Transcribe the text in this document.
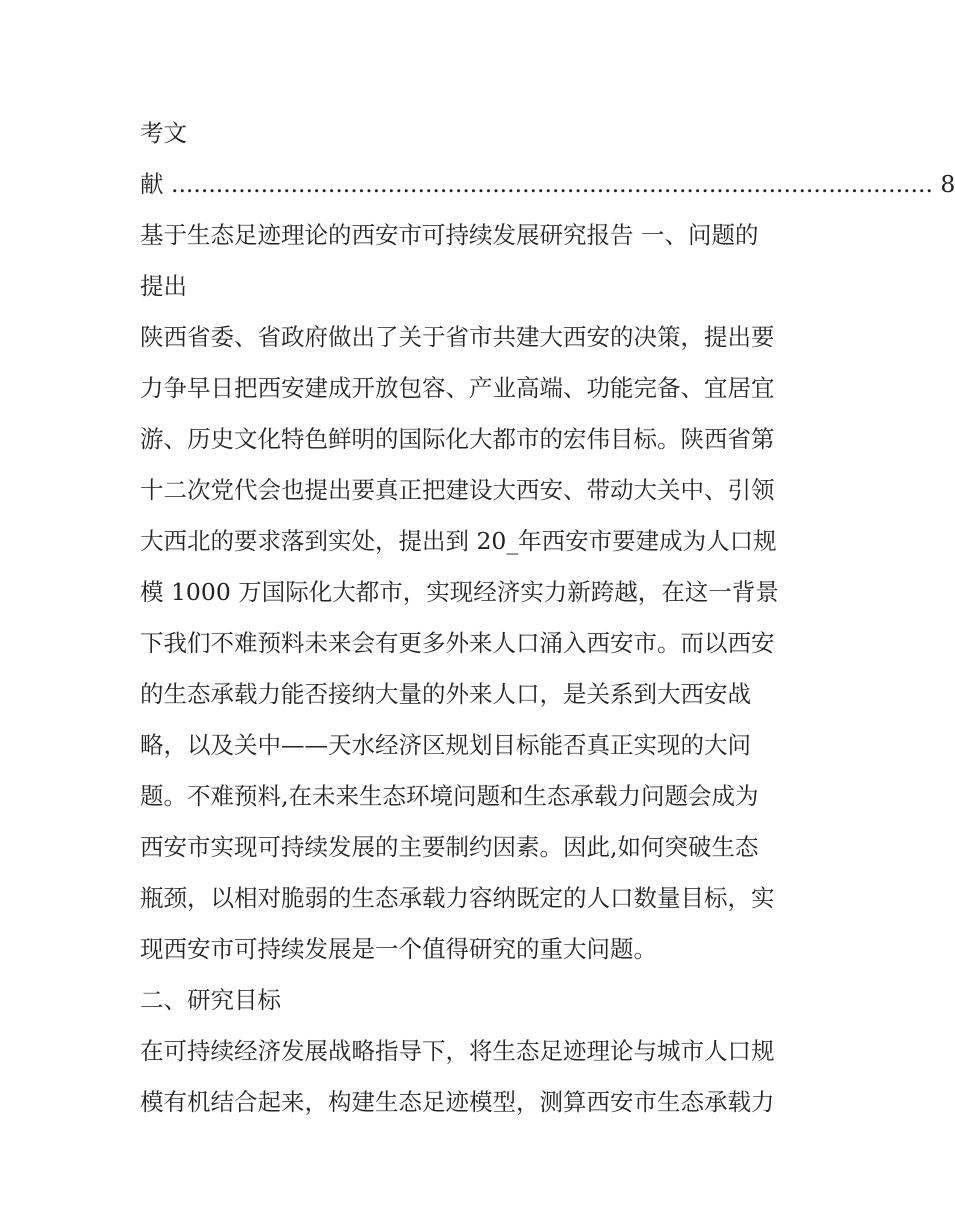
考文
献 ...................................................................................................... 8
基于生态足迹理论的西安市可持续发展研究报告 一、问题的
提出
陕西省委、省政府做出了关于省市共建大西安的决策，提出要
力争早日把西安建成开放包容、产业高端、功能完备、宜居宜
游、历史文化特色鲜明的国际化大都市的宏伟目标。陕西省第
十二次党代会也提出要真正把建设大西安、带动大关中、引领
大西北的要求落到实处，提出到 20_年西安市要建成为人口规
模 1000 万国际化大都市，实现经济实力新跨越，在这一背景
下我们不难预料未来会有更多外来人口涌入西安市。而以西安
的生态承载力能否接纳大量的外来人口，是关系到大西安战
略，以及关中——天水经济区规划目标能否真正实现的大问
题。不难预料,在未来生态环境问题和生态承载力问题会成为
西安市实现可持续发展的主要制约因素。因此,如何突破生态
瓶颈，以相对脆弱的生态承载力容纳既定的人口数量目标，实
现西安市可持续发展是一个值得研究的重大问题。
二、研究目标
在可持续经济发展战略指导下，将生态足迹理论与城市人口规
模有机结合起来，构建生态足迹模型，测算西安市生态承载力
